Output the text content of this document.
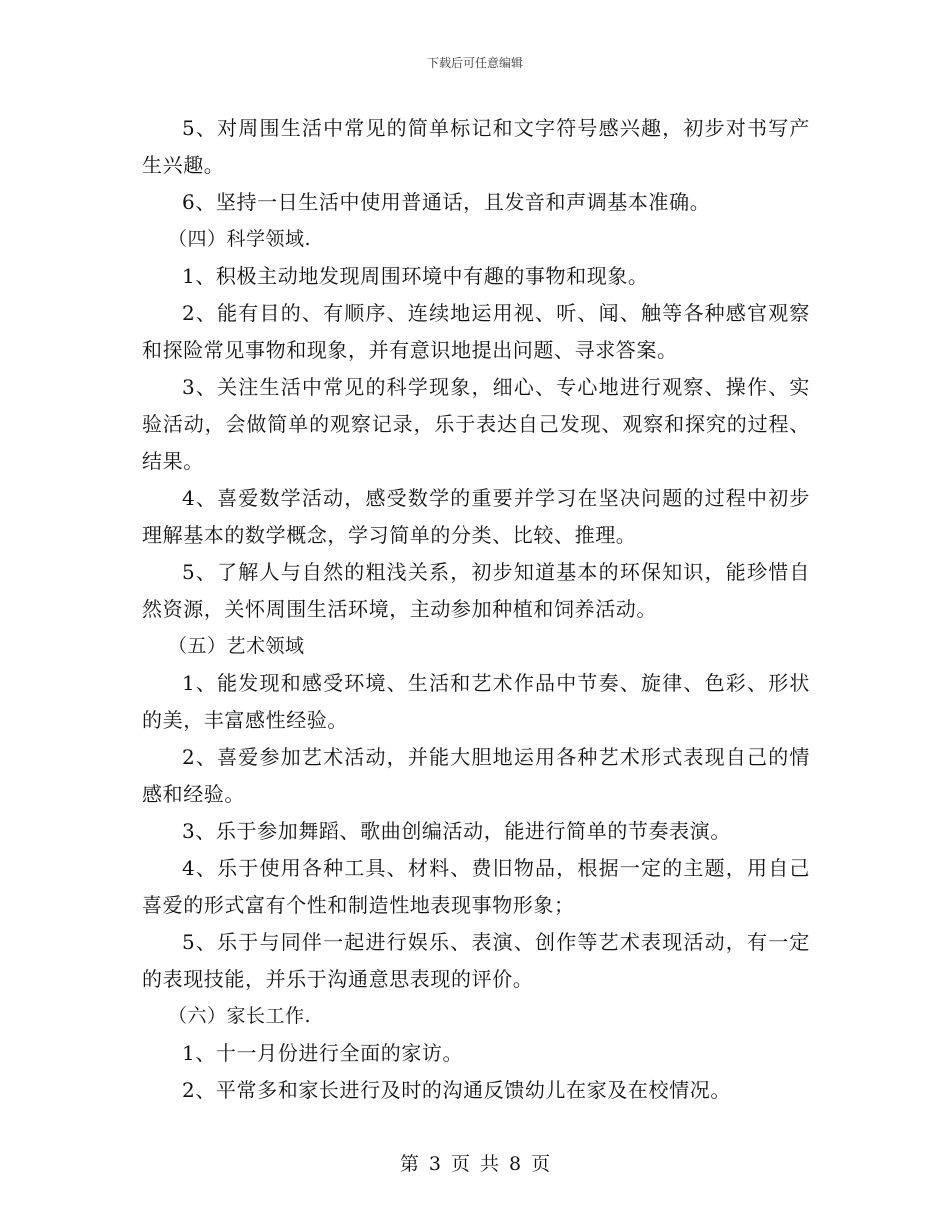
下载后可任意编辑

5、对周围生活中常见的简单标记和文字符号感兴趣，初步对书写产生兴趣。

6、坚持一日生活中使用普通话，且发音和声调基本准确。

（四）科学领域.

1、积极主动地发现周围环境中有趣的事物和现象。

2、能有目的、有顺序、连续地运用视、听、闻、触等各种感官观察和探险常见事物和现象，并有意识地提出问题、寻求答案。

3、关注生活中常见的科学现象，细心、专心地进行观察、操作、实验活动，会做简单的观察记录，乐于表达自己发现、观察和探究的过程、结果。

4、喜爱数学活动，感受数学的重要并学习在坚决问题的过程中初步理解基本的数学概念，学习简单的分类、比较、推理。

5、了解人与自然的粗浅关系，初步知道基本的环保知识，能珍惜自然资源，关怀周围生活环境，主动参加种植和饲养活动。

（五）艺术领域

1、能发现和感受环境、生活和艺术作品中节奏、旋律、色彩、形状的美，丰富感性经验。

2、喜爱参加艺术活动，并能大胆地运用各种艺术形式表现自己的情感和经验。

3、乐于参加舞蹈、歌曲创编活动，能进行简单的节奏表演。

4、乐于使用各种工具、材料、费旧物品，根据一定的主题，用自己喜爱的形式富有个性和制造性地表现事物形象；

5、乐于与同伴一起进行娱乐、表演、创作等艺术表现活动，有一定的表现技能，并乐于沟通意思表现的评价。

（六）家长工作.

1、十一月份进行全面的家访。

2、平常多和家长进行及时的沟通反馈幼儿在家及在校情况。

第 3 页 共 8 页
